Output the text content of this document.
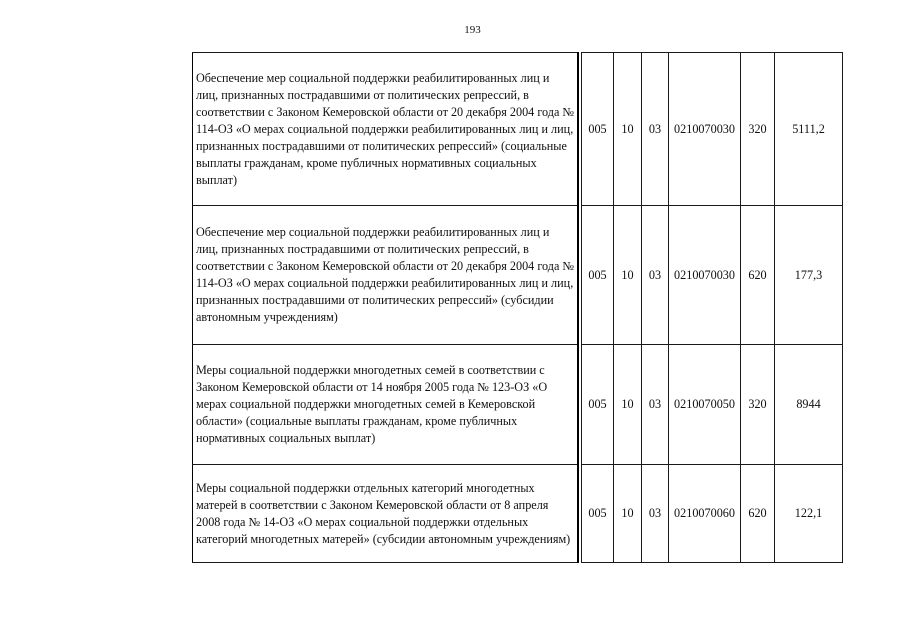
193
Обеспечение мер социальной поддержки реабилитированных лиц и лиц, признанных пострадавшими от политических репрессий, в соответствии с Законом Кемеровской области от 20 декабря 2004 года № 114-ОЗ «О мерах социальной поддержки реабилитированных лиц и лиц, признанных пострадавшими от политических репрессий» (социальные выплаты гражданам, кроме публичных нормативных социальных выплат)		005	10	03	0210070030	320	5111,2

Обеспечение мер социальной поддержки реабилитированных лиц и лиц, признанных пострадавшими от политических репрессий, в соответствии с Законом Кемеровской области от 20 декабря 2004 года № 114-ОЗ «О мерах социальной поддержки реабилитированных лиц и лиц, признанных пострадавшими от политических репрессий» (субсидии автономным учреждениям)		005	10	03	0210070030	620	177,3

Меры социальной поддержки многодетных семей в соответствии с Законом Кемеровской области от 14 ноября 2005 года № 123-ОЗ «О мерах социальной поддержки многодетных семей в Кемеровской области» (социальные выплаты гражданам, кроме публичных нормативных социальных выплат)		005	10	03	0210070050	320	8944

Меры социальной поддержки отдельных категорий многодетных матерей в соответствии с Законом Кемеровской области от 8 апреля 2008 года № 14-ОЗ «О мерах социальной поддержки отдельных категорий многодетных матерей» (субсидии автономным учреждениям)		005	10	03	0210070060	620	122,1
